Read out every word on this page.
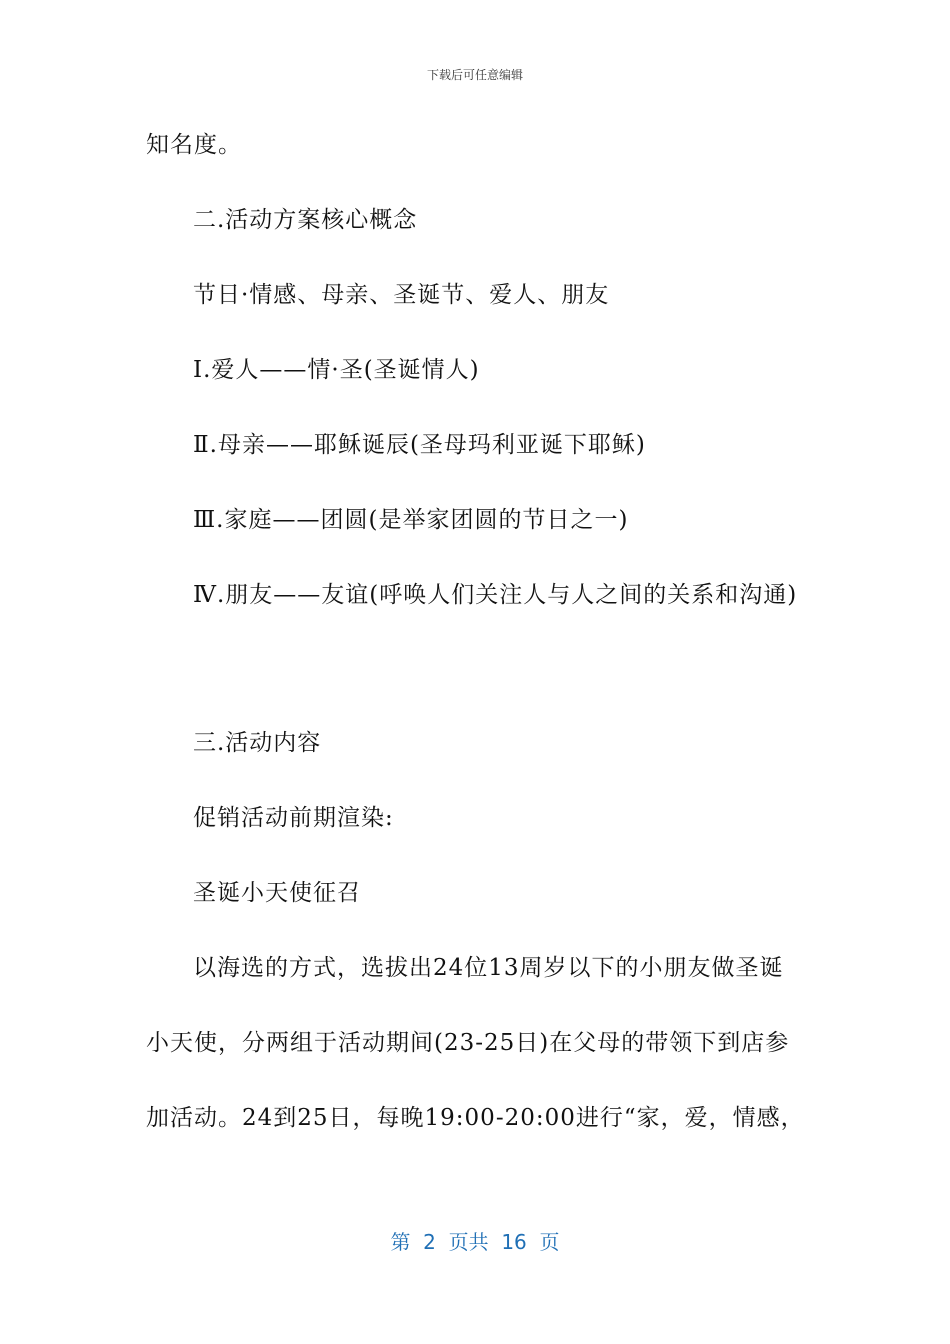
下载后可任意编辑
知名度。
二.活动方案核心概念
节日·情感、母亲、圣诞节、爱人、朋友
Ⅰ.爱人——情·圣(圣诞情人)
Ⅱ.母亲——耶稣诞辰(圣母玛利亚诞下耶稣)
Ⅲ.家庭——团圆(是举家团圆的节日之一)
Ⅳ.朋友——友谊(呼唤人们关注人与人之间的关系和沟通)
三.活动内容
促销活动前期渲染:
圣诞小天使征召
以海选的方式，选拔出24位13周岁以下的小朋友做圣诞
小天使，分两组于活动期间(23-25日)在父母的带领下到店参
加活动。24到25日，每晚19:00-20:00进行“家，爱，情感，
第  2  页共  16  页
